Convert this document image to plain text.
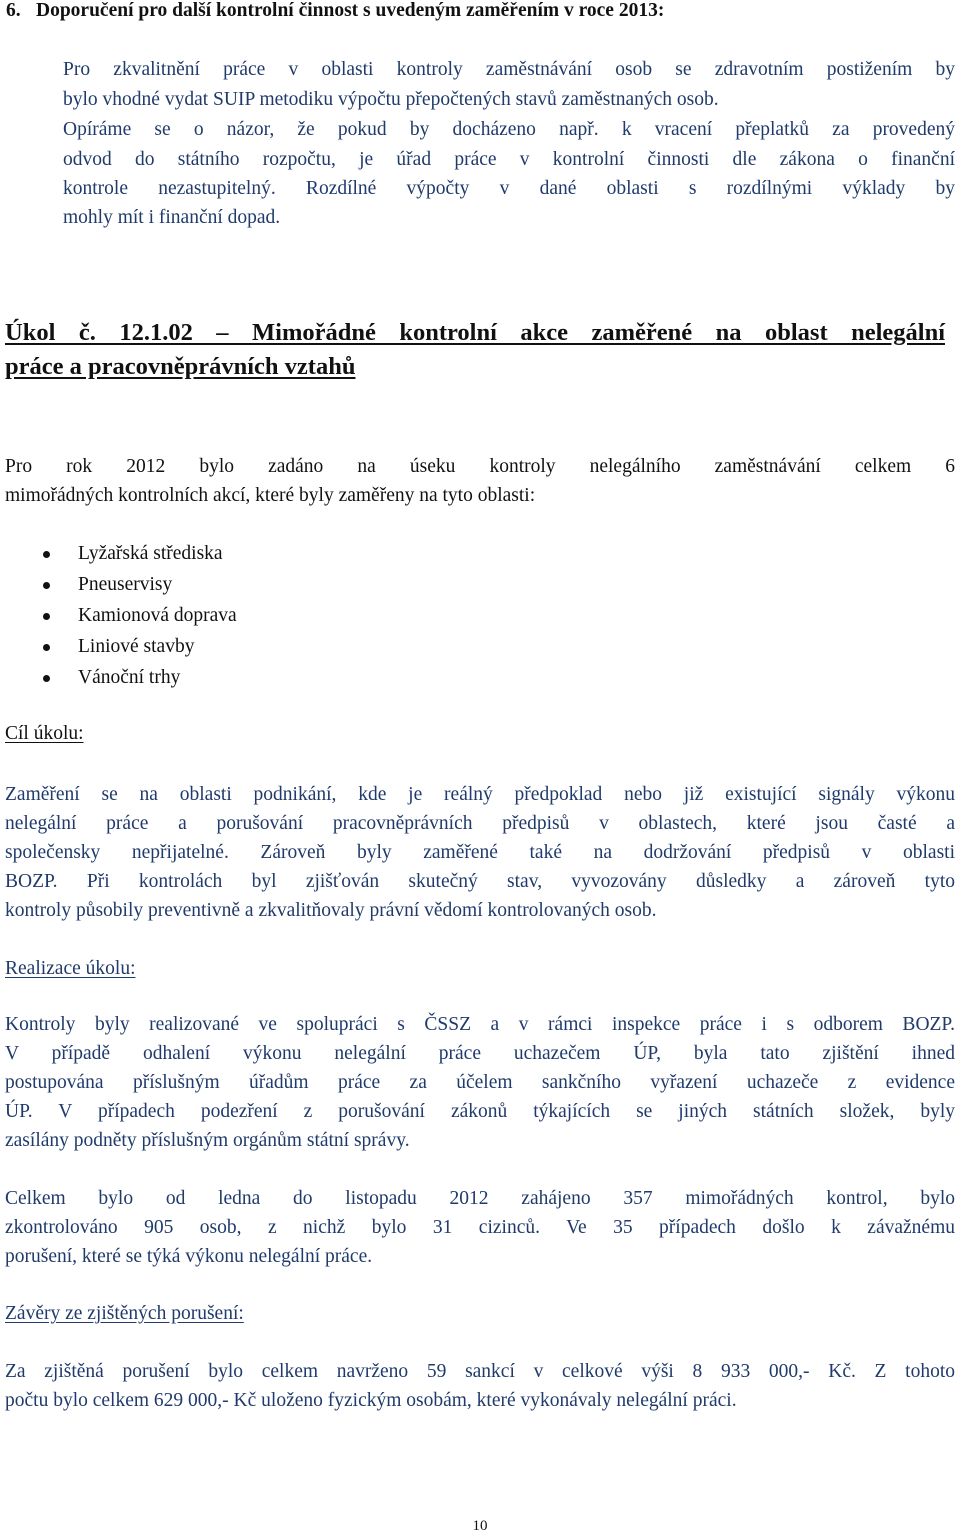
6. Doporučení pro další kontrolní činnost s uvedeným zaměřením v roce 2013:
Pro zkvalitnění práce v oblasti kontroly zaměstnávání osob se zdravotním postižením by
bylo vhodné vydat SUIP metodiku výpočtu přepočtených stavů zaměstnaných osob.
Opíráme se o názor, že pokud by docházeno např. k vracení přeplatků za provedený
odvod do státního rozpočtu, je úřad práce v kontrolní činnosti dle zákona o finanční
kontrole nezastupitelný. Rozdílné výpočty v dané oblasti s rozdílnými výklady by
mohly mít i finanční dopad.
Úkol č. 12.1.02 – Mimořádné kontrolní akce zaměřené na oblast nelegální
práce a pracovněprávních vztahů
Pro rok 2012 bylo zadáno na úseku kontroly nelegálního zaměstnávání celkem 6
mimořádných kontrolních akcí, které byly zaměřeny na tyto oblasti:
Lyžařská střediska
Pneuservisy
Kamionová doprava
Liniové stavby
Vánoční trhy
Cíl úkolu:
Zaměření se na oblasti podnikání, kde je reálný předpoklad nebo již existující signály výkonu
nelegální práce a porušování pracovněprávních předpisů v oblastech, které jsou časté a
společensky nepřijatelné. Zároveň byly zaměřené také na dodržování předpisů v oblasti
BOZP. Při kontrolách byl zjišťován skutečný stav, vyvozovány důsledky a zároveň tyto
kontroly působily preventivně a zkvalitňovaly právní vědomí kontrolovaných osob.
Realizace úkolu:
Kontroly byly realizované ve spolupráci s ČSSZ a v rámci inspekce práce i s odborem BOZP.
V případě odhalení výkonu nelegální práce uchazečem ÚP, byla tato zjištění ihned
postupována příslušným úřadům práce za účelem sankčního vyřazení uchazeče z evidence
ÚP. V případech podezření z porušování zákonů týkajících se jiných státních složek, byly
zasílány podněty příslušným orgánům státní správy.
Celkem bylo od ledna do listopadu 2012 zahájeno 357 mimořádných kontrol, bylo
zkontrolováno 905 osob, z nichž bylo 31 cizinců. Ve 35 případech došlo k závažnému
porušení, které se týká výkonu nelegální práce.
Závěry ze zjištěných porušení:
Za zjištěná porušení bylo celkem navrženo 59 sankcí v celkové výši 8 933 000,- Kč. Z tohoto
počtu bylo celkem 629 000,- Kč uloženo fyzickým osobám, které vykonávaly nelegální práci.
10
